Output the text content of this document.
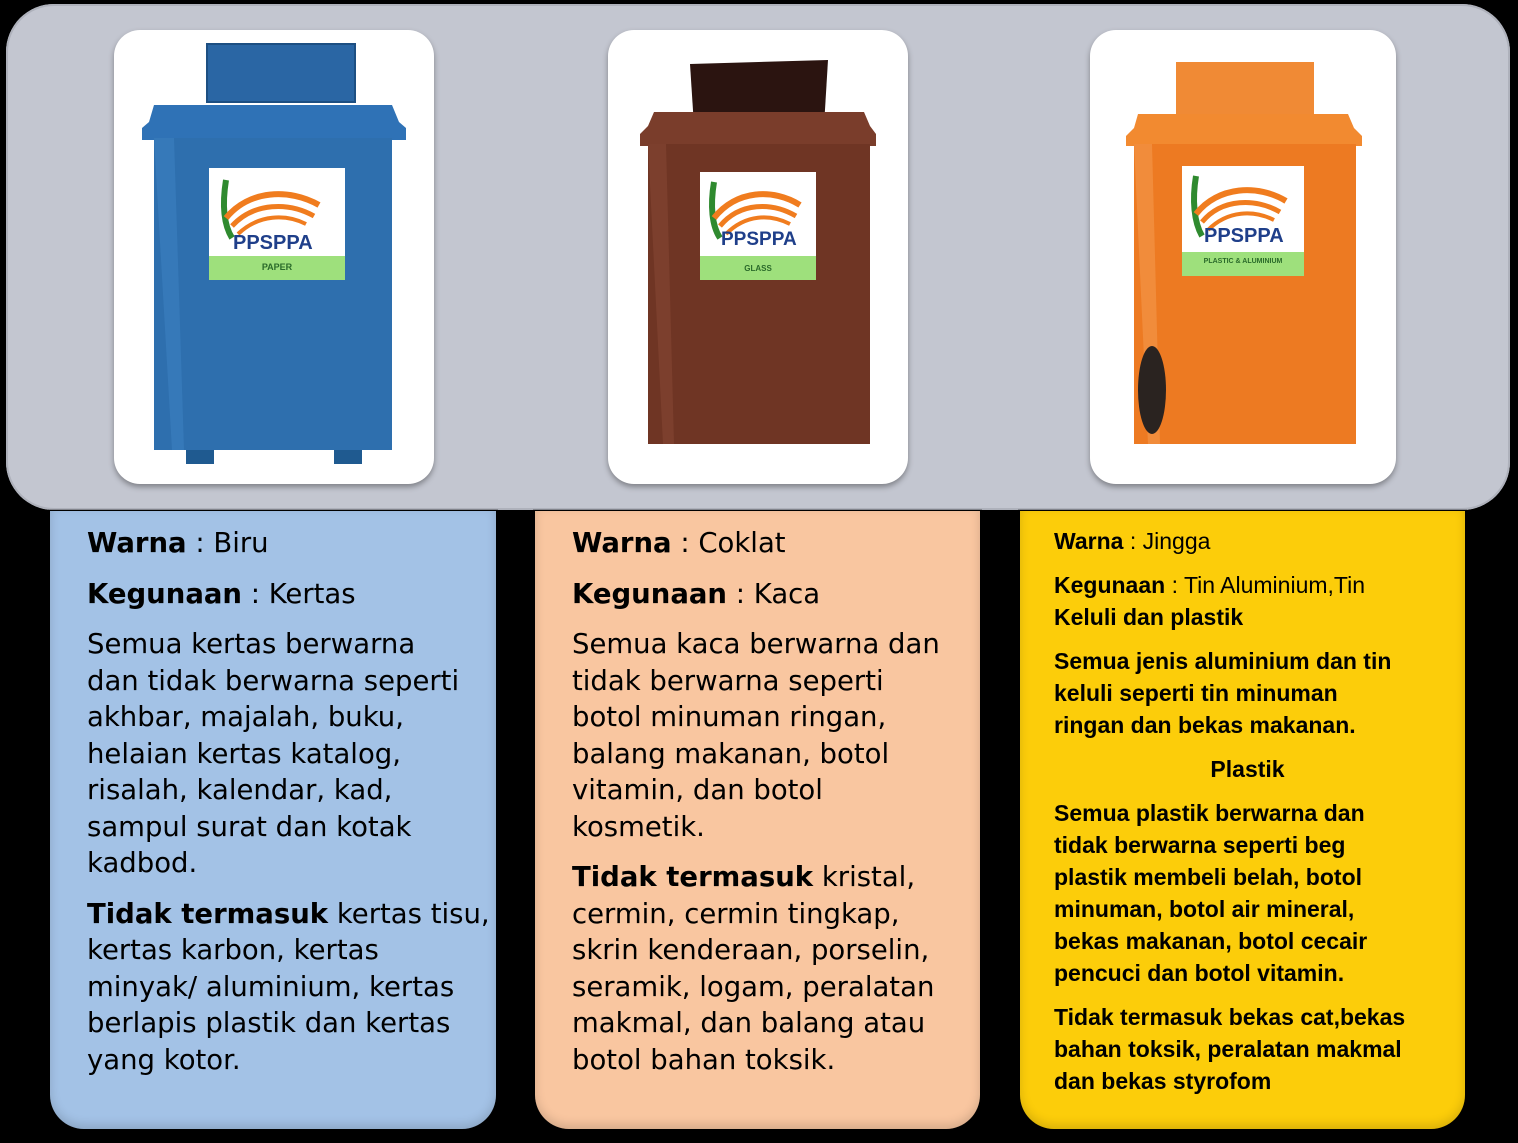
PPSPPA
PAPER
PPSPPA
GLASS
PPSPPA
PLASTIC & ALUMINIUM

Warna : Biru

Kegunaan : Kertas

Semua kertas berwarna
dan tidak berwarna seperti
akhbar, majalah, buku,
helaian kertas katalog,
risalah, kalendar, kad,
sampul surat dan kotak
kadbod.

Tidak termasuk kertas tisu,
kertas karbon, kertas
minyak/ aluminium, kertas
berlapis plastik dan kertas
yang kotor.

Warna : Coklat

Kegunaan : Kaca

Semua kaca berwarna dan
tidak berwarna seperti
botol minuman ringan,
balang makanan, botol
vitamin, dan botol
kosmetik.

Tidak termasuk kristal,
cermin, cermin tingkap,
skrin kenderaan, porselin,
seramik, logam, peralatan
makmal, dan balang atau
botol bahan toksik.

Warna : Jingga

Kegunaan : Tin Aluminium,Tin
Keluli dan plastik

Semua jenis aluminium dan tin
keluli seperti tin minuman
ringan dan bekas makanan.

Plastik

Semua plastik berwarna dan
tidak berwarna seperti beg
plastik membeli belah, botol
minuman, botol air mineral,
bekas makanan, botol cecair
pencuci dan botol vitamin.

Tidak termasuk bekas cat,bekas
bahan toksik, peralatan makmal
dan bekas styrofom
